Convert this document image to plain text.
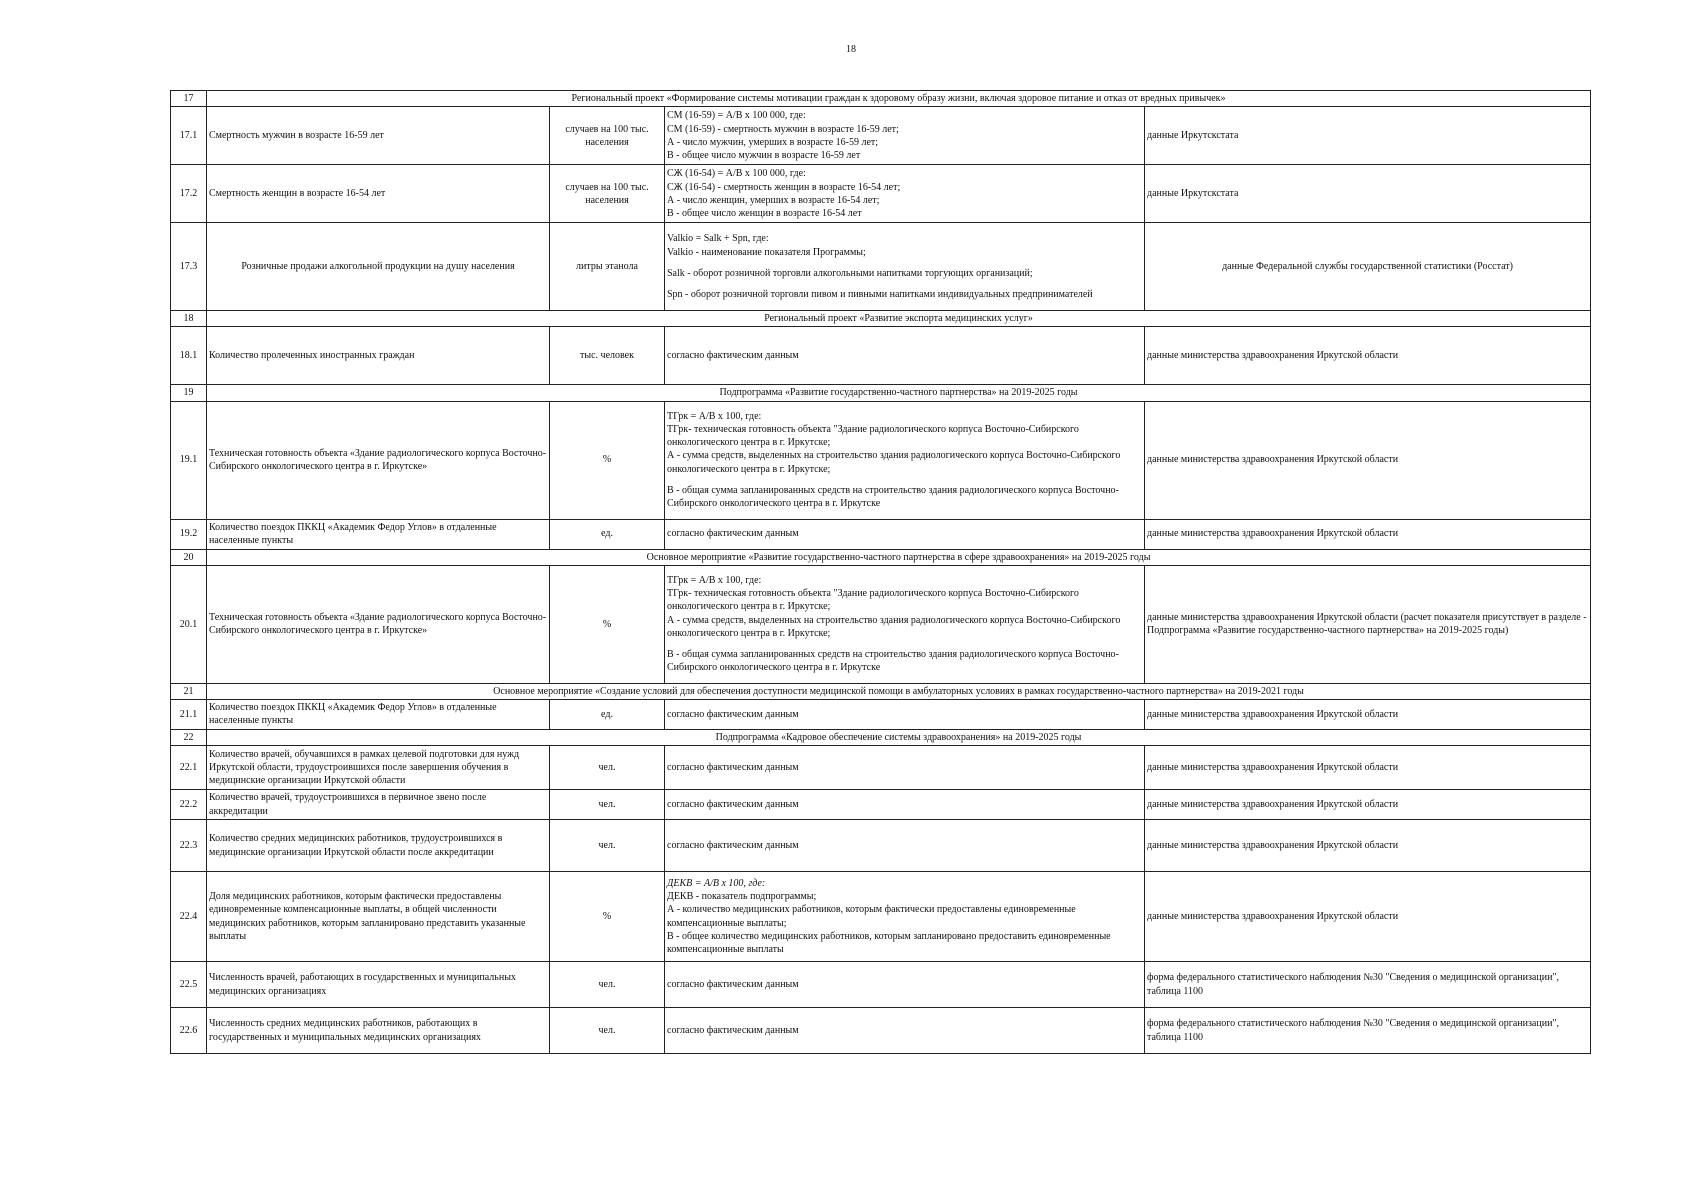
18
17	Региональный проект «Формирование системы мотивации граждан к здоровому образу жизни, включая здоровое питание и отказ от вредных привычек»			
17.1	Смертность мужчин в возрасте 16-59 лет	случаев на 100 тыс. населения	СМ (16-59) = А/В х 100 000, где:
СМ (16-59) - смертность мужчин в возрасте 16-59 лет;
А - число мужчин, умерших в возрасте 16-59 лет;
В - общее число мужчин в возрасте 16-59 лет	данные Иркутскстата
17.2	Смертность женщин в возрасте 16-54 лет	случаев на 100 тыс. населения	СЖ (16-54) = А/В х 100 000, где:
СЖ (16-54) - смертность женщин в возрасте 16-54 лет;
А - число женщин, умерших в возрасте 16-54 лет;
В - общее число женщин в возрасте 16-54 лет	данные Иркутскстата
17.3	Розничные продажи алкогольной продукции на душу населения	литры этанола	Valkio = Salk + Spn, где:
Valkio - наименование показателя Программы;
Salk - оборот розничной торговли алкогольными напитками торгующих организаций;
Spn - оборот розничной торговли пивом и пивными напитками индивидуальных предпринимателей	данные Федеральной службы государственной статистики (Росстат)
18	Региональный проект «Развитие экспорта медицинских услуг»			
18.1	Количество пролеченных иностранных граждан	тыс. человек	согласно фактическим данным	данные министерства здравоохранения Иркутской области
19	Подпрограмма «Развитие государственно-частного партнерства» на 2019-2025 годы			
19.1	Техническая готовность объекта «Здание радиологического корпуса Восточно-Сибирского онкологического центра в г. Иркутске»	%	ТГрк = А/В х 100, где:
ТГрк- техническая готовность объекта "Здание радиологического корпуса Восточно-Сибирского онкологического центра в г. Иркутске;
А - сумма средств, выделенных на строительство здания радиологического корпуса Восточно-Сибирского онкологического центра в г. Иркутске;
В - общая сумма запланированных средств на строительство здания радиологического корпуса Восточно-Сибирского онкологического центра в г. Иркутске	данные министерства здравоохранения Иркутской области
19.2	Количество поездок ПККЦ «Академик Федор Углов» в отдаленные населенные пункты	ед.	согласно фактическим данным	данные министерства здравоохранения Иркутской области
20	Основное мероприятие «Развитие государственно-частного партнерства в сфере здравоохранения» на 2019-2025 годы			
20.1	Техническая готовность объекта «Здание радиологического корпуса Восточно-Сибирского онкологического центра в г. Иркутске»	%	ТГрк = А/В х 100, где:
ТГрк- техническая готовность объекта "Здание радиологического корпуса Восточно-Сибирского онкологического центра в г. Иркутске;
А - сумма средств, выделенных на строительство здания радиологического корпуса Восточно-Сибирского онкологического центра в г. Иркутске;
В - общая сумма запланированных средств на строительство здания радиологического корпуса Восточно-Сибирского онкологического центра в г. Иркутске	данные министерства здравоохранения Иркутской области (расчет показателя присутствует в разделе - Подпрограмма «Развитие государственно-частного партнерства» на 2019-2025 годы)
21	Основное мероприятие «Создание условий для обеспечения доступности медицинской помощи в амбулаторных условиях в рамках государственно-частного партнерства» на 2019-2021 годы			
21.1	Количество поездок ПККЦ «Академик Федор Углов» в отдаленные населенные пункты	ед.	согласно фактическим данным	данные министерства здравоохранения Иркутской области
22	Подпрограмма «Кадровое обеспечение системы здравоохранения» на 2019-2025 годы			
22.1	Количество врачей, обучавшихся в рамках целевой подготовки для нужд Иркутской области, трудоустроившихся после завершения обучения в медицинские организации Иркутской области	чел.	согласно фактическим данным	данные министерства здравоохранения Иркутской области
22.2	Количество врачей, трудоустроившихся в первичное звено после аккредитации	чел.	согласно фактическим данным	данные министерства здравоохранения Иркутской области
22.3	Количество средних медицинских работников, трудоустроившихся в медицинские организации Иркутской области после аккредитации	чел.	согласно фактическим данным	данные министерства здравоохранения Иркутской области
22.4	Доля медицинских работников, которым фактически предоставлены единовременные компенсационные выплаты, в общей численности медицинских работников, которым запланировано представить указанные выплаты	%	ДЕКВ = А/В х 100, где:
ДЕКВ - показатель подпрограммы;
А - количество медицинских работников, которым фактически предоставлены единовременные компенсационные выплаты;
В - общее количество медицинских работников, которым запланировано предоставить единовременные компенсационные выплаты	данные министерства здравоохранения Иркутской области
22.5	Численность врачей, работающих в государственных и муниципальных медицинских организациях	чел.	согласно фактическим данным	форма федерального статистического наблюдения №30 "Сведения о медицинской организации", таблица 1100
22.6	Численность средних медицинских работников, работающих в государственных и муниципальных медицинских организациях	чел.	согласно фактическим данным	форма федерального статистического наблюдения №30 "Сведения о медицинской организации", таблица 1100
